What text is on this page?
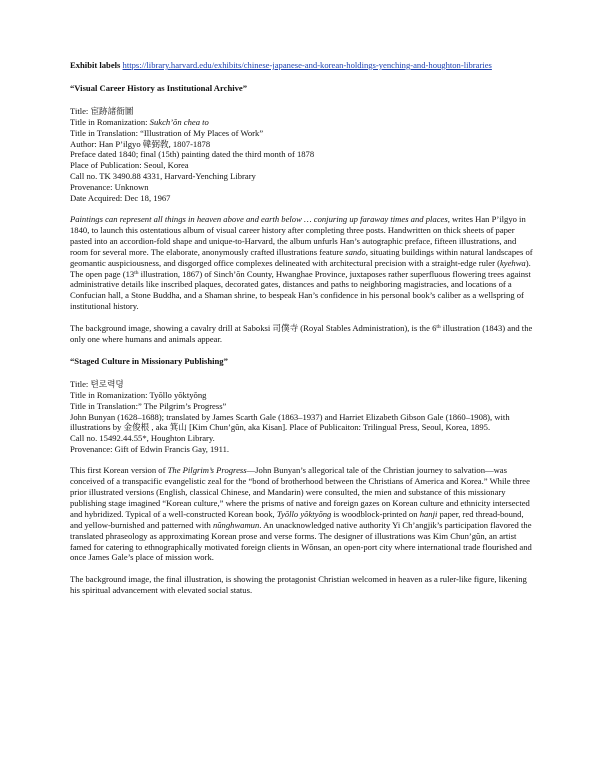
Exhibit labels https://library.harvard.edu/exhibits/chinese-japanese-and-korean-holdings-yenching-and-houghton-libraries

“Visual Career History as Institutional Archive”

Title: 宦跡諸衙圖
Title in Romanization: Sukch’ŏn chea to
Title in Translation: “Illustration of My Places of Work”
Author: Han P’ilgyo 韓弼敎, 1807-1878
Preface dated 1840; final (15th) painting dated the third month of 1878
Place of Publication: Seoul, Korea
Call no. TK 3490.88 4331, Harvard-Yenching Library
Provenance: Unknown
Date Acquired: Dec 18, 1967

Paintings can represent all things in heaven above and earth below … conjuring up faraway times and places, writes Han P’ilgyo in 1840, to launch this ostentatious album of visual career history after completing three posts. Handwritten on thick sheets of paper pasted into an accordion-fold shape and unique-to-Harvard, the album unfurls Han’s autographic preface, fifteen illustrations, and room for several more. The elaborate, anonymously crafted illustrations feature sando, situating buildings within natural landscapes of geomantic auspiciousness, and disgorged office complexes delineated with architectural precision with a straight-edge ruler (kyehwa). The open page (13th illustration, 1867) of Sinch’ŏn County, Hwanghae Province, juxtaposes rather superfluous flowering trees against administrative details like inscribed plaques, decorated gates, distances and paths to neighboring magistracies, and locations of a Confucian hall, a Stone Buddha, and a Shaman shrine, to bespeak Han’s confidence in his personal book’s caliber as a wellspring of institutional history.

The background image, showing a cavalry drill at Saboksi 司僕寺 (Royal Stables Administration), is the 6th illustration (1843) and the only one where humans and animals appear.

“Staged Culture in Missionary Publishing”

Title: 텬로력뎡
Title in Romanization: Tyŏllo yŏktyŏng
Title in Translation:” The Pilgrim’s Progress”
John Bunyan (1628–1688); translated by James Scarth Gale (1863–1937) and Harriet Elizabeth Gibson Gale (1860–1908), with illustrations by 金俊根 , aka 箕山 [Kim Chun’gŭn, aka Kisan]. Place of Publicaiton: Trilingual Press, Seoul, Korea, 1895.
Call no. 15492.44.55*, Houghton Library.
Provenance: Gift of Edwin Francis Gay, 1911.

This first Korean version of The Pilgrim’s Progress—John Bunyan’s allegorical tale of the Christian journey to salvation—was conceived of a transpacific evangelistic zeal for the “bond of brotherhood between the Christians of America and Korea.” While three prior illustrated versions (English, classical Chinese, and Mandarin) were consulted, the mien and substance of this missionary publishing stage imagined “Korean culture,” where the prisms of native and foreign gazes on Korean culture and ethnicity intersected and hybridized. Typical of a well-constructed Korean book, Tyŏllo yŏktyŏng is woodblock-printed on hanji paper, red thread-bound, and yellow-burnished and patterned with nŭnghwamun. An unacknowledged native authority Yi Ch’angjik’s participation flavored the translated phraseology as approximating Korean prose and verse forms. The designer of illustrations was Kim Chun’gŭn, an artist famed for catering to ethnographically motivated foreign clients in Wŏnsan, an open-port city where international trade flourished and once James Gale’s place of mission work.

The background image, the final illustration, is showing the protagonist Christian welcomed in heaven as a ruler-like figure, likening his spiritual advancement with elevated social status.
